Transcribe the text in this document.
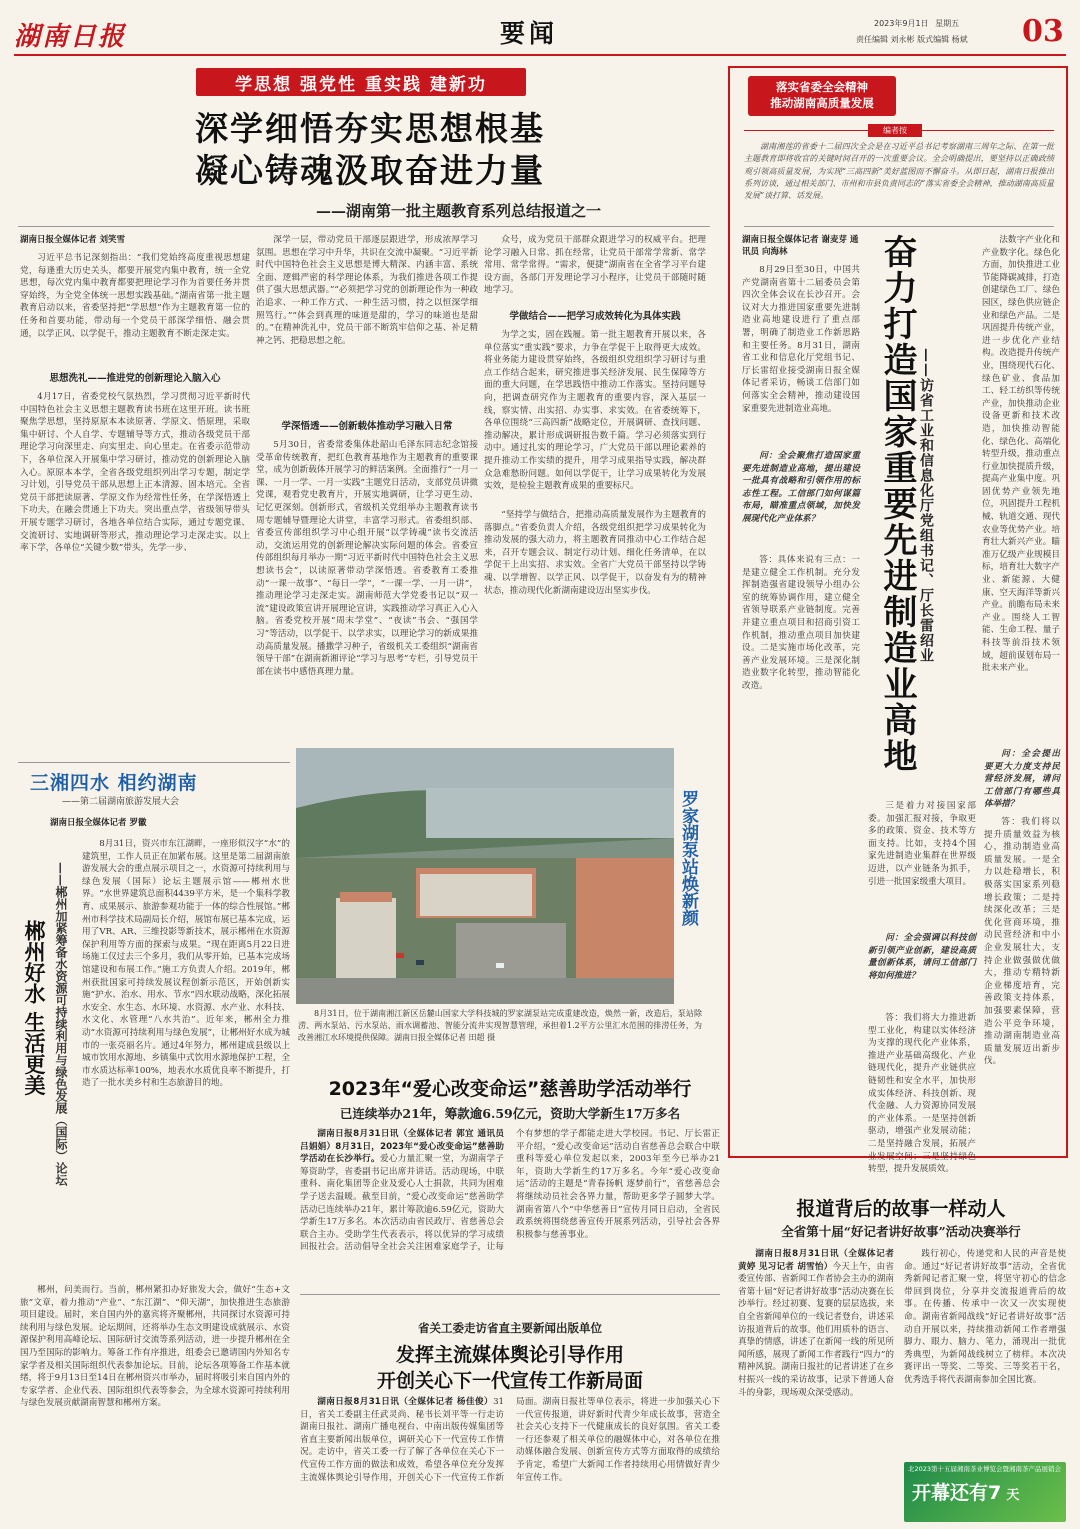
湖南日报	要闻	2023年9月1日 星期五
责任编辑 刘永彬 版式编辑 杨斌 03
学思想 强党性 重实践 建新功
深学细悟夯实思想根基
凝心铸魂汲取奋进力量
——湖南第一批主题教育系列总结报道之一
湖南日报全媒体记者 刘笑雪

习近平总书记深刻指出：“我们党始终高度重视思想建党，每逢重大历史关头，都要开展党内集中教育，统一全党思想，每次党内集中教育都要把理论学习作为首要任务并贯穿始终，为全党全体统一思想实践基础。”湖南省第一批主题教育启动以来，省委坚持把“学思想”作为主题教育第一位的任务和首要功能，带动每一个党员干部深学细悟、融会贯通，以学正风、以学促干，推动主题教育不断走深走实。

思想洗礼——推进党的创新理论入脑入心

4月17日，省委党校气氛热烈，学习贯彻习近平新时代中国特色社会主义思想主题教育读书班在这里开班。读书班聚焦学思想，坚持原原本本读原著、学原文、悟原理，采取集中研讨、个人自学、专题辅导等方式，推动各级党员干部理论学习向深里走、向实里走、向心里走。在省委示范带动下，各单位深入开展集中学习研讨，推动党的创新理论入脑入心。原原本本学，全省各级党组织列出学习专题，制定学习计划，引导党员干部从思想上正本清源、固本培元。全省党员干部把读原著、学原文作为经常性任务，在学深悟透上下功夫，在融会贯通上下功夫。突出重点学，省级领导带头开展专题学习研讨，各地各单位结合实际，通过专题党课、交流研讨、实地调研等形式，推动理论学习走深走实。以上率下学，各单位“关键少数”带头，先学一步、

深学一层，带动党员干部逐层跟进学，形成浓厚学习氛围。思想在学习中升华，共识在交流中凝聚。“习近平新时代中国特色社会主义思想是博大精深、内涵丰富、系统全面、逻辑严密的科学理论体系，为我们推进各项工作提供了强大思想武器。”“必须把学习党的创新理论作为一种政治追求、一种工作方式、一种生活习惯，持之以恒深学细照笃行。”“体会到真理的味道是甜的，学习的味道也是甜的。”在精神洗礼中，党员干部不断筑牢信仰之基、补足精神之钙、把稳思想之舵。

学深悟透——创新载体推动学习融入日常

5月30日，省委常委集体赴韶山毛泽东同志纪念馆接受革命传统教育，把红色教育基地作为主题教育的重要课堂，成为创新载体开展学习的鲜活案例。全面推行“一月一课、一月一学、一月一实践”主题党日活动，支部党员讲微党课，观看党史教育片，开展实地调研，让学习更生动、记忆更深刻。创新形式，省级机关党组举办主题教育读书周专题辅导暨理论大讲堂，丰富学习形式。省委组织部、省委宣传部组织学习中心组开展“以学铸魂”读书交流活动，交流运用党的创新理论解决实际问题的体会。省委宣传部组织每月举办一期“习近平新时代中国特色社会主义思想读书会”，以读原著带动学深悟透。省委教育工委推动“一课一故事”、“每日一学”，“一课一学、一月一讲”，推动理论学习走深走实。湖南师范大学党委书记以“双一流”建设政策宣讲开展理论宣讲，实践推动学习真正入心入脑。省委党校开展“周末学堂”、“夜读”书会、“强国学习”等活动，以学促干、以学求实，以理论学习的新成果推动高质量发展。播撒学习种子，省级机关工委组织“湖南省领导干部”在湖南新湘评论“学习与思考”专栏，引导党员干部在读书中感悟真理力量。

众号，成为党员干部群众跟进学习的权威平台。把理论学习融入日常、抓在经常，让党员干部常学常新、常学常用、常学常得。“需求，便捷”湖南省在全省学习平台建设方面，各部门开发理论学习小程序，让党员干部随时随地学习。

学做结合——把学习成效转化为具体实践

为学之实，固在践履。第一批主题教育开展以来，各单位落实“重实践”要求，力争在学促干上取得更大成效。将业务能力建设贯穿始终，各级组织党组织学习研讨与重点工作结合起来，研究推进事关经济发展、民生保障等方面的重大问题，在学思践悟中推动工作落实。坚持问题导向，把调查研究作为主题教育的重要内容，深入基层一线，察实情、出实招、办实事、求实效。在省委统筹下，各单位围绕“三高四新”战略定位，开展调研、查找问题、推动解决，累计形成调研报告数千篇。学习必须落实到行动中。通过扎实的理论学习，广大党员干部以理论素养的提升推动工作实绩的提升，用学习成果指导实践，解决群众急难愁盼问题。如何以学促干，让学习成果转化为发展实效，是检验主题教育成果的重要标尺。

“坚持学与做结合，把推动高质量发展作为主题教育的落脚点。”省委负责人介绍，各级党组织把学习成果转化为推动发展的强大动力，将主题教育同推动中心工作结合起来，召开专题会议、制定行动计划、细化任务清单，在以学促干上出实招、求实效。全省广大党员干部坚持以学铸魂、以学增智、以学正风、以学促干，以奋发有为的精神状态，推动现代化新湖南建设迈出坚实步伐。

落实省委全会精神
推动湖南高质量发展
编者按
湖南湘莲的省委十二届四次全会是在习近平总书记考察湖南三周年之际、在第一批主题教育即将收官的关键时间召开的一次重要会议。全会明确提出，要坚持以正确政绩观引领高质量发展，为实现“三高四新”美好蓝图而不懈奋斗。从即日起，湖南日报推出系列访谈，通过相关部门、市州和市县负责同志的“落实省委全会精神，推动湖南高质量发展”谈打算、话发展。
湖南日报全媒体记者 谢麦芽 通讯员 向海林

8月29日至30日，中国共产党湖南省第十二届委员会第四次全体会议在长沙召开。会议对大力推进国家重要先进制造业高地建设进行了重点部署，明确了制造业工作新思路和主要任务。8月31日，湖南省工业和信息化厅党组书记、厅长雷绍业接受湖南日报全媒体记者采访，畅谈工信部门如何落实全会精神，推动建设国家重要先进制造业高地。

问：全会聚焦打造国家重要先进制造业高地，提出建设一批具有战略和引领作用的标志性工程。工信部门如何谋篇布局，瞄准重点领域，加快发展现代化产业体系？

答：具体来说有三点：一是建立健全工作机制。充分发挥制造强省建设领导小组办公室的统筹协调作用，建立健全省领导联系产业链制度。完善并建立重点项目和招商引资工作机制，推动重点项目加快建设。二是实施市场化改革，完善产业发展环境。三是深化制造业数字化转型，推动智能化改造。	奋力打造国家重要先进制造业高地 ——访省工业和信息化厅党组书记、厅长雷绍业

三是着力对接国家部委。加强汇报对接，争取更多的政策、资金、技术等方面支持。比如，支持4个国家先进制造业集群在世界级迈进，以产业链条为抓手，引进一批国家级重大项目。

问：全会强调以科技创新引领产业创新，建设高质量创新体系，请问工信部门将如何推进？

答：我们将大力推进新型工业化，构建以实体经济为支撑的现代化产业体系，推进产业基础高级化、产业链现代化，提升产业链供应链韧性和安全水平，加快形成实体经济、科技创新、现代金融、人力资源协同发展的产业体系。一是坚持创新驱动，增强产业发展动能；二是坚持融合发展，拓展产业发展空间；三是坚持绿色转型，提升发展质效。

法数字产业化和产业数字化。绿色化方面，加快推进工业节能降碳减排，打造创建绿色工厂、绿色园区，绿色供应链企业和绿色产品。二是巩固提升传统产业，进一步优化产业结构。改造提升传统产业，围绕现代石化、绿色矿业、食品加工、轻工纺织等传统产业，加快推动企业设备更新和技术改造，加快推动智能化、绿色化、高端化转型升级，推动重点行业加快提质升级，提高产业集中度。巩固优势产业领先地位，巩固提升工程机械、轨道交通、现代农业等优势产业。培育壮大新兴产业。瞄准万亿级产业规模目标，培育壮大数字产业、新能源、大健康、空天海洋等新兴产业。前瞻布局未来产业。围绕人工智能、生命工程、量子科技等前沿技术领域，超前谋划布局一批未来产业。

问：全会提出要更大力度支持民营经济发展，请问工信部门有哪些具体举措？

答：我们将以提升质量效益为核心，推动制造业高质量发展。一是全力以赴稳增长，积极落实国家系列稳增长政策；二是持续深化改革；三是优化营商环境，推动民营经济和中小企业发展壮大，支持企业做强做优做大，推动专精特新企业梯度培育，完善政策支持体系，加强要素保障，营造公平竞争环境，推动湖南制造业高质量发展迈出新步伐。

三湘四水 相约湖南
——第二届湖南旅游发展大会
湖南日报全媒体记者 罗徽
郴州好水 生活更美 ——郴州加紧筹备水资源可持续利用与绿色发展（国际）论坛

8月31日，资兴市东江湖畔，一座形似汉字“水”的建筑里，工作人员正在加紧布展。这里是第二届湖南旅游发展大会的重点展示项目之一，水资源可持续利用与绿色发展（国际）论坛主题展示馆——郴州水世界。“水世界建筑总面积4439平方米，是一个集科学教育、成果展示、旅游参观功能于一体的综合性展馆。”郴州市科学技术局副局长介绍，展馆布展已基本完成，运用了VR、AR、三维投影等新技术，展示郴州在水资源保护利用等方面的探索与成果。“现在距离5月22日进场施工仅过去三个多月，我们从零开始，已基本完成场馆建设和布展工作。”施工方负责人介绍。2019年，郴州获批国家可持续发展议程创新示范区，开始创新实施“护水、治水、用水、节水”四水联动战略，深化拓展水安全、水生态、水环境、水资源、水产业、水科技、水文化、水管理“八水共治”。近年来，郴州全力推动“水资源可持续利用与绿色发展”，让郴州好水成为城市的一张亮丽名片。通过4年努力，郴州建成县级以上城市饮用水源地、乡镇集中式饮用水源地保护工程，全市水质达标率100%，地表水水质优良率不断提升，打造了一批水美乡村和生态旅游目的地。

郴州，问美而行。当前，郴州紧扣办好旅发大会，做好“生态+文旅”文章，着力推动“产业”、“东江湖”、“仰天湖”，加快推进生态旅游项目建设。届时，来自国内外的嘉宾将齐聚郴州，共同探讨水资源可持续利用与绿色发展。论坛期间，还将举办生态文明建设成就展示、水资源保护利用高峰论坛、国际研讨交流等系列活动，进一步提升郴州在全国乃至国际的影响力。筹备工作有序推进，组委会已邀请国内外知名专家学者及相关国际组织代表参加论坛。目前，论坛各项筹备工作基本就绪，将于9月13日至14日在郴州资兴市举办，届时将吸引来自国内外的专家学者、企业代表、国际组织代表等参会，为全球水资源可持续利用与绿色发展贡献湖南智慧和郴州方案。

罗家湖泵站焕新颜
8月31日，位于湖南湘江新区岳麓山国家大学科技城的罗家湖泵站完成重建改造，焕然一新，改造后，泵站除涝、两水泵站、污水泵站、雨水调蓄池、智能分流井实现智慧管理，承担着1.2平方公里汇水范围的排涝任务，为改善湘江水环境提供保障。湖南日报全媒体记者 田超 摄
2023年“爱心改变命运”慈善助学活动举行
已连续举办21年，筹款逾6.59亿元，资助大学新生17万多名

湖南日报8月31日讯（全媒体记者 郭宜 通讯员 吕娟娟）8月31日，2023年“爱心改变命运”慈善助学活动在长沙举行。爱心力量汇聚一堂，为湖南学子筹资助学，省委副书记出席并讲话。活动现场，中联重科、南化集团等企业及爱心人士捐款，共同为困难学子送去温暖。截至目前，“爱心改变命运”慈善助学活动已连续举办21年，累计筹款逾6.59亿元，资助大学新生17万多名。本次活动由省民政厅、省慈善总会联合主办。受助学生代表表示，将以优异的学习成绩回报社会。活动倡导全社会关注困难家庭学子，让每个有梦想的学子都能走进大学校园。书记、厅长雷正平介绍，“爱心改变命运”活动自省慈善总会联合中联重科等爱心单位发起以来，2003年至今已举办21年，资助大学新生约17万多名。今年“爱心改变命运”活动的主题是“青春扬帆 逐梦前行”，省慈善总会将继续动员社会各界力量，帮助更多学子圆梦大学。湖南省第八个“中华慈善日”宣传月同日启动，全省民政系统将围绕慈善宣传开展系列活动，引导社会各界积极参与慈善事业。

省关工委走访省直主要新闻出版单位
发挥主流媒体舆论引导作用
开创关心下一代宣传工作新局面

湖南日报8月31日讯（全媒体记者 杨佳俊）31日，省关工委副主任武灵尚、秘书长刘平等一行走访湖南日报社、湖南广播电视台、中南出版传媒集团等省直主要新闻出版单位，调研关心下一代宣传工作情况。走访中，省关工委一行了解了各单位在关心下一代宣传工作方面的做法和成效，希望各单位充分发挥主流媒体舆论引导作用，开创关心下一代宣传工作新局面。湖南日报社等单位表示，将进一步加强关心下一代宣传报道，讲好新时代青少年成长故事，营造全社会关心支持下一代健康成长的良好氛围。省关工委一行还参观了相关单位的融媒体中心，对各单位在推动媒体融合发展、创新宣传方式等方面取得的成绩给予肯定，希望广大新闻工作者持续用心用情做好青少年宣传工作。

报道背后的故事一样动人
全省第十届“好记者讲好故事”活动决赛举行

湖南日报8月31日讯（全媒体记者 黄婷 见习记者 胡雪怡）今天上午，由省委宣传部、省新闻工作者协会主办的湖南省第十届“好记者讲好故事”活动决赛在长沙举行。经过初赛、复赛的层层选拔，来自全省新闻单位的一线记者登台，讲述采访报道背后的故事。他们用质朴的语言、真挚的情感，讲述了在新闻一线的所见所闻所感，展现了新闻工作者践行“四力”的精神风貌。湖南日报社的记者讲述了在乡村振兴一线的采访故事，记录下普通人奋斗的身影，现场观众深受感动。

践行初心，传递党和人民的声音是使命。通过“好记者讲好故事”活动，全省优秀新闻记者汇聚一堂，将坚守初心的信念带回到岗位，分享并交流报道背后的故事。在传播、传承中一次又一次实现使命。湖南省新闻战线“好记者讲好故事”活动自开展以来，持续推动新闻工作者增强脚力、眼力、脑力、笔力，涌现出一批优秀典型，为新闻战线树立了榜样。本次决赛评出一等奖、二等奖、三等奖若干名，优秀选手将代表湖南参加全国比赛。

北2023第十五届湘南茶业博览会暨湘南茶产品展销会
开幕还有7 天
